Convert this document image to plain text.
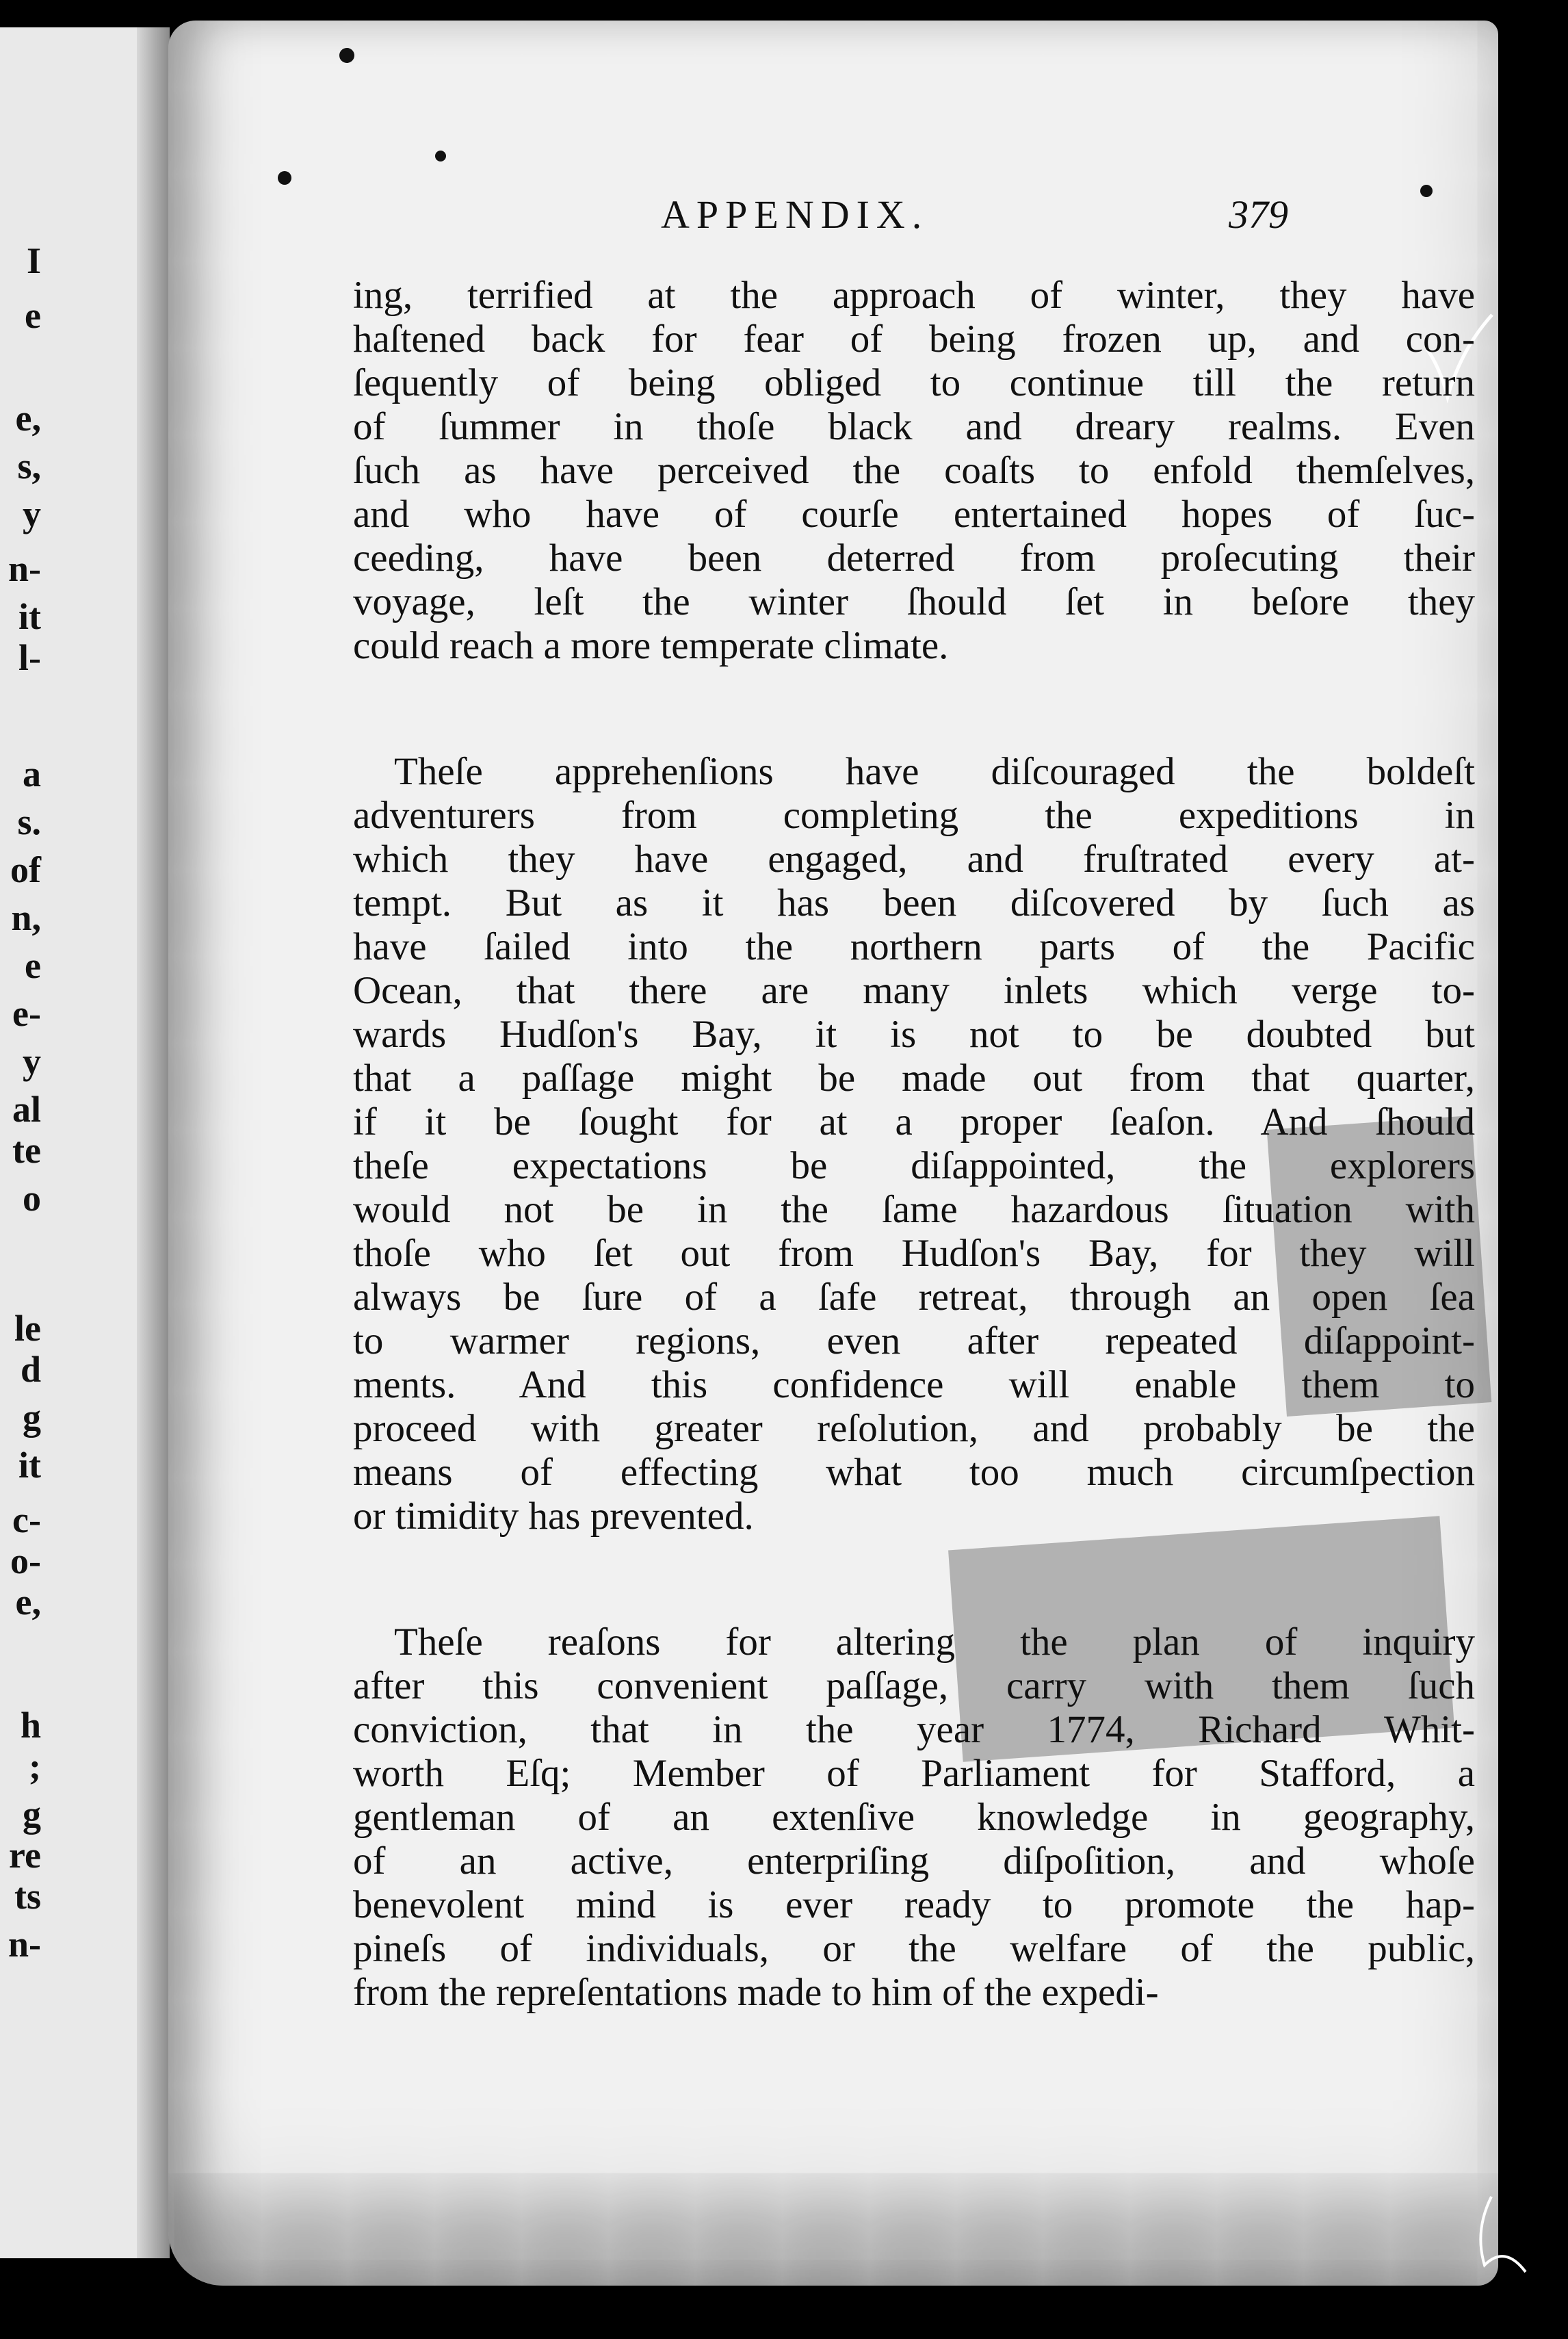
I
e
e,
s,
y
n-
it
l-
a
s.
of
n,
e
e-
y
al
te
o
le
d
g
it
c-
o-
e,
h
;
g
re
ts
n-
APPENDIX.	379
ing, terrified at the approach of winter, they have
haſtened back for fear of being frozen up, and con-
ſequently of being obliged to continue till the return
of ſummer in thoſe black and dreary realms. Even
ſuch as have perceived the coaſts to enfold themſelves,
and who have of courſe entertained hopes of ſuc-
ceeding, have been deterred from proſecuting their
voyage, leſt the winter ſhould ſet in beſore they
could reach a more temperate climate.
Theſe apprehenſions have diſcouraged the boldeſt
adventurers from completing the expeditions in
which they have engaged, and fruſtrated every at-
tempt. But as it has been diſcovered by ſuch as
have ſailed into the northern parts of the Pacific
Ocean, that there are many inlets which verge to-
wards Hudſon's Bay, it is not to be doubted but
that a paſſage might be made out from that quarter,
if it be ſought for at a proper ſeaſon. And ſhould
theſe expectations be diſappointed, the explorers
would not be in the ſame hazardous ſituation with
thoſe who ſet out from Hudſon's Bay, for they will
always be ſure of a ſafe retreat, through an open ſea
to warmer regions, even after repeated diſappoint-
ments. And this confidence will enable them to
proceed with greater reſolution, and probably be the
means of effecting what too much circumſpection
or timidity has prevented.
Theſe reaſons for altering the plan of inquiry
after this convenient paſſage, carry with them ſuch
conviction, that in the year 1774, Richard Whit-
worth Eſq; Member of Parliament for Stafford, a
gentleman of an extenſive knowledge in geography,
of an active, enterpriſing diſpoſition, and whoſe
benevolent mind is ever ready to promote the hap-
pineſs of individuals, or the welfare of the public,
from the repreſentations made to him of the expedi-
